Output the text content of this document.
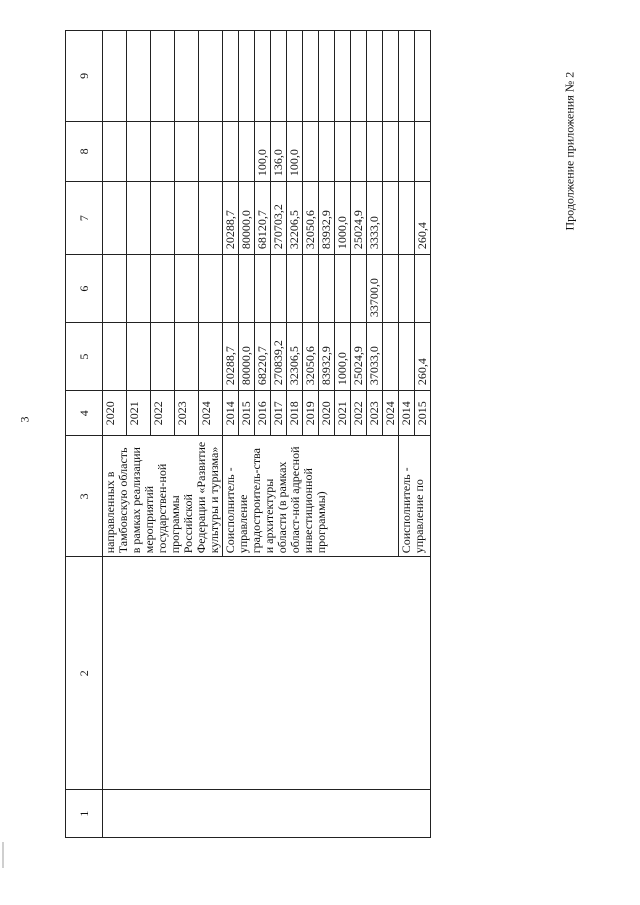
3
Продолжение приложения № 2
1	2	3	4	5	6	7	8	9
		направленных в Тамбовскую область в рамках реализации мероприятий государствен-ной программы Российской Федерации «Развитие культуры и туризма»	2020					
			2021					
			2022					
			2023					
			2024					
		Соисполнитель - управление градостроитель-ства и архитектуры области (в рамках област-ной адресной инвестиционной программы)	2014	20288,7		20288,7		
			2015	80000,0		80000,0		
			2016	68220,7		68120,7	100,0	
			2017	270839,2		270703,2	136,0	
			2018	32306,5		32206,5	100,0	
			2019	32050,6		32050,6		
			2020	83932,9		83932,9		
			2021	1000,0		1000,0		
			2022	25024,9		25024,9		
			2023	37033,0	33700,0	3333,0		
			2024					
		Соисполнитель - управление по	2014					
			2015	260,4		260,4		
